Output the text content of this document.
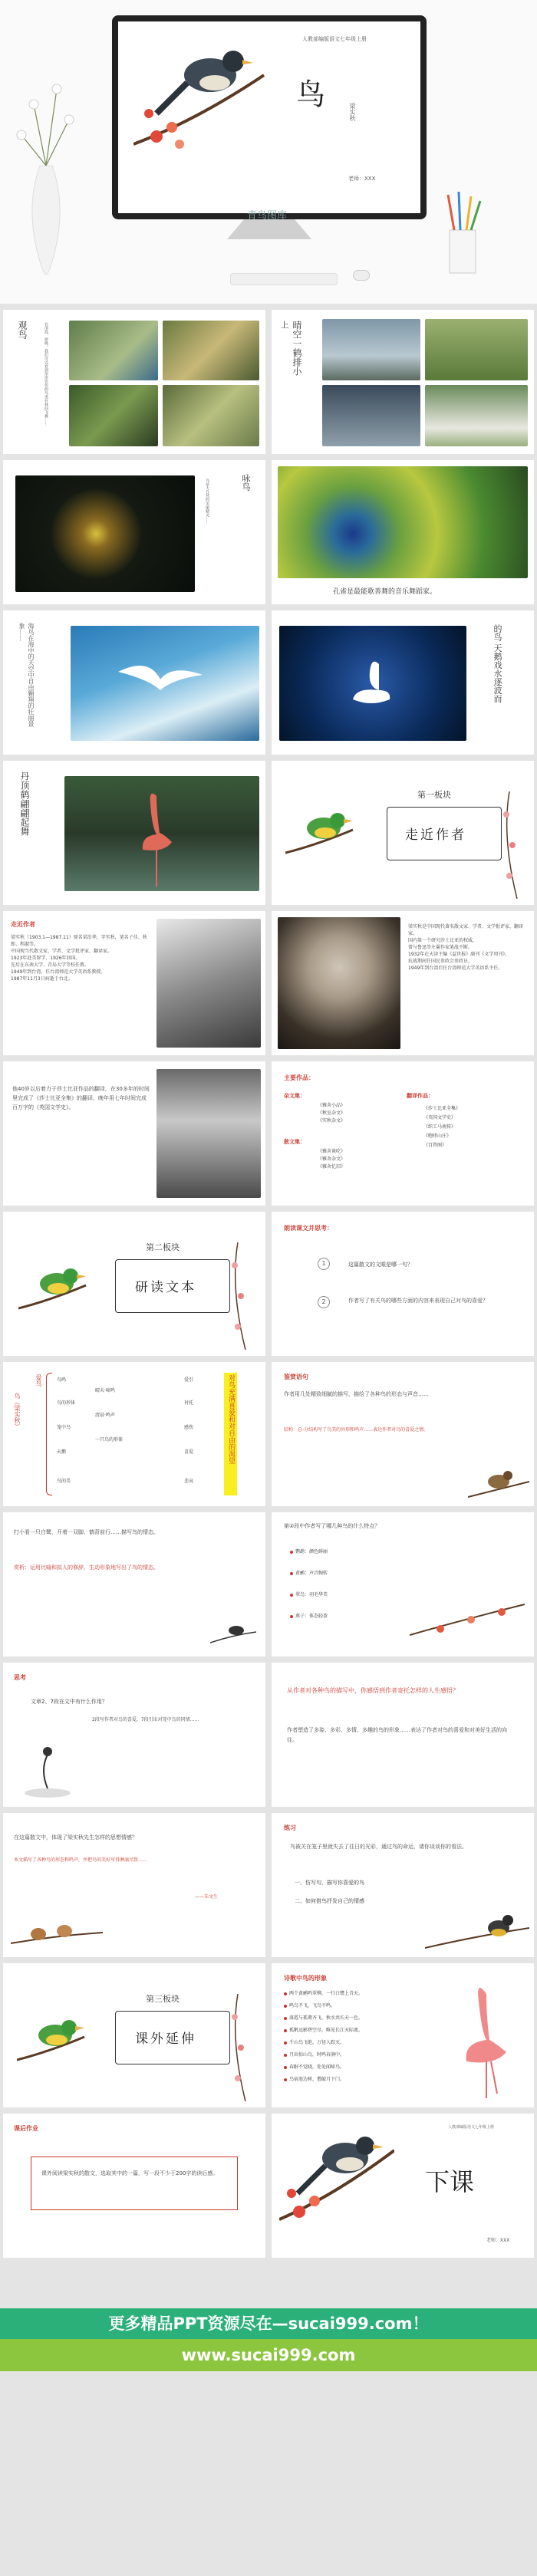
人教部编版语文七年级上册
鸟
梁实秋
老师：XXX
青鸟图库
观鸟	在清晨、傍晚，我们可以看到形形色色的鸟类在林间飞舞……	上 晴空一鹤排小
鸟是大自然的美丽精灵……	咏鸟
孔雀是最能歌善舞的音乐舞蹈家。
海鸟在海中的天空中自由翱翔的壮丽景象……	的鸟 天鹅戏水逐波而
丹顶鹤翩翩起舞	第一板块
走近作者
走近作者
梁实秋（1903.1—1987.11）原名梁治华，字实秋，笔名子佳、秋郎、程淑等。
中国现当代散文家、学者、文学批评家、翻译家。
1923年赴美留学，1926年回国。
先后在东南大学、青岛大学等校任教。
1949年到台湾，任台湾师范大学英语系教授。
1987年11月3日病逝于台北。
梁实秋是中国现代著名散文家、学者、文学批评家、翻译家，
国内第一个研究莎士比亚的权威，
曾与鲁迅等左翼作家笔战不断。
1932年在天津主编《益世报》副刊《文学周刊》。
抗战期间任国民参政会参政员，
1949年到台湾后任台湾师范大学英语系主任。
他40岁以后着力于莎士比亚作品的翻译，在30多年的时间里完成了《莎士比亚全集》的翻译，晚年用七年时间完成百万字的《英国文学史》。
主要作品：
杂文集：
《雅舍小品》
《秋室杂文》
《实秋杂文》
散文集：
《雅舍谈吃》
《雅舍杂文》
《雅舍忆旧》
翻译作品：
《莎士比亚全集》
《英国文学史》
《织工马南传》
《咆哮山庄》
《百兽图》
第二板块
研读文本
朗读课文并思考：
1	这篇散文的文眼是哪一句？
2	作者写了有关鸟的哪些方面的内容来表现自己对鸟的喜爱？
鸟（梁实秋）
爱鸟	鸟鸣
鸟的形体
笼中鸟
天鹅
鸟的美
晴天·啼鸣
清晨·鸣声
一只鸟的形体
爱引
衬托
感伤
喜爱
悲哀
对鸟充满喜爱和对自由的渴望	鉴赏语句
作者用几处精致细腻的描写，描绘了各种鸟的形态与声音……
结构：总-分结构写了鸟美的外形和鸣声……表达作者对鸟的喜爱之情。
打小看一只白鹭，开着一双脚，鹤背前行……描写鸟的情态。
赏析：运用比喻和拟人的修辞，生动形象地写出了鸟的情态。
第②段中作者写了哪几种鸟的什么特点？
鹦鹉：颜色鲜丽
黄鹂：声音婉转
翠鸟：羽毛华美
燕子：体态轻盈
思考
文章2、7段在文中有什么作用？
2段写作者对鸟的喜爱，7段引出对笼中鸟的同情……
从作者对各种鸟的描写中，你感悟到作者寄托怎样的人生感悟？
作者塑造了多姿、多彩、多情、多趣的鸟的形象……表达了作者对鸟的喜爱和对美好生活的向往。
在这篇散文中，体现了梁实秋先生怎样的思想情感？
本文描写了各种鸟的形态和鸣声，并把鸟的美好写得淋漓尽致……
——朱文生
练习
鸟被关在笼子里就失去了往日的光彩，通过鸟的命运，请你谈谈你的看法。
一、仿写句，描写你喜爱的鸟
二、如何借鸟抒发自己的情感
第三板块
课外延伸
诗歌中鸟的形象
两个黄鹂鸣翠柳，一行白鹭上青天。
鸣鸟不飞，飞鸟不鸣。
落霞与孤鹜齐飞，秋水共长天一色。
孤帆远影碧空尽，唯见长江天际流。
千山鸟飞绝，万径人踪灭。
月出惊山鸟，时鸣春涧中。
春眠不觉晓，处处闻啼鸟。
鸟宿池边树，僧敲月下门。
课后作业
课外阅读梁实秋的散文，选取其中的一篇，写一段不少于200字的读后感。
人教部编版语文七年级上册
下课
老师：XXX
更多精品PPT资源尽在—sucai999.com！
www.sucai999.com
